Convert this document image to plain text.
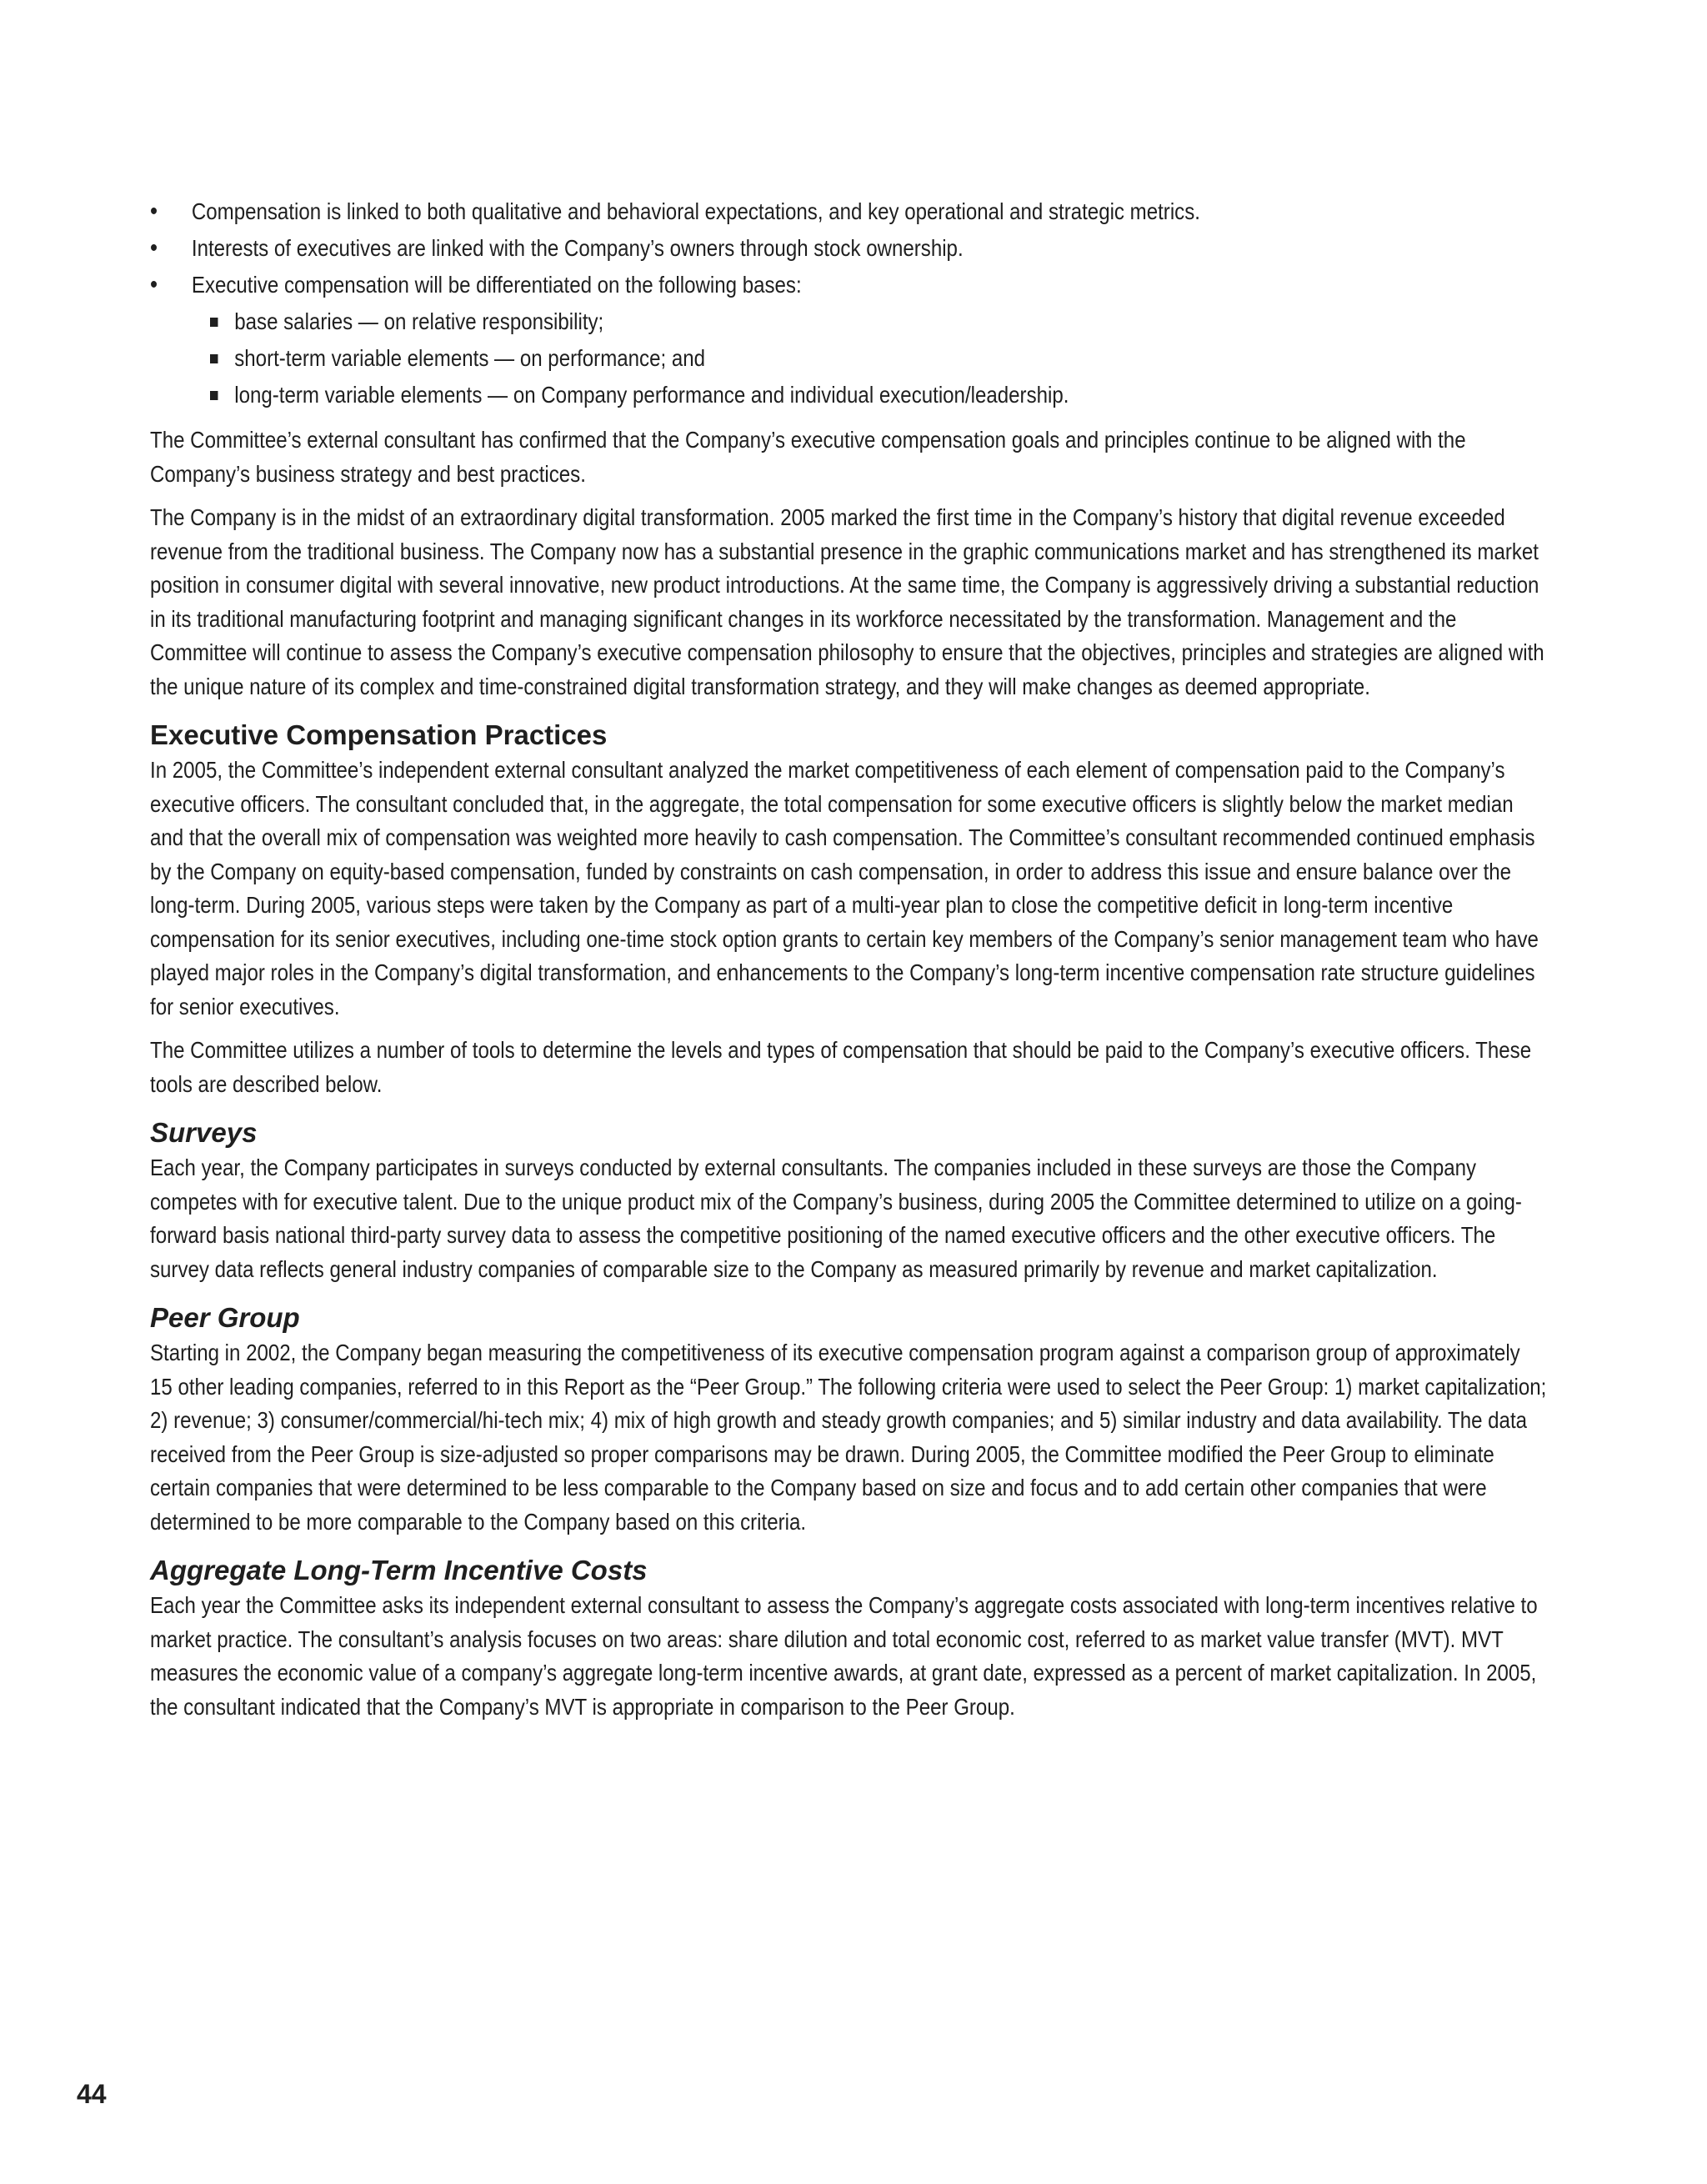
• Compensation is linked to both qualitative and behavioral expectations, and key operational and strategic metrics.
• Interests of executives are linked with the Company’s owners through stock ownership.
• Executive compensation will be differentiated on the following bases:
base salaries — on relative responsibility;
short-term variable elements — on performance; and
long-term variable elements — on Company performance and individual execution/leadership.

The Committee’s external consultant has confirmed that the Company’s executive compensation goals and principles continue to be aligned with the Company’s business strategy and best practices.

The Company is in the midst of an extraordinary digital transformation. 2005 marked the first time in the Company’s history that digital revenue exceeded revenue from the traditional business. The Company now has a substantial presence in the graphic communications market and has strengthened its market position in consumer digital with several innovative, new product introductions. At the same time, the Company is aggressively driving a substantial reduction in its traditional manufacturing footprint and managing significant changes in its workforce necessitated by the transformation. Management and the Committee will continue to assess the Company’s executive compensation philosophy to ensure that the objectives, principles and strategies are aligned with the unique nature of its complex and time-constrained digital transformation strategy, and they will make changes as deemed appropriate.

Executive Compensation Practices

In 2005, the Committee’s independent external consultant analyzed the market competitiveness of each element of compensation paid to the Company’s executive officers. The consultant concluded that, in the aggregate, the total compensation for some executive officers is slightly below the market median and that the overall mix of compensation was weighted more heavily to cash compensation. The Committee’s consultant recommended continued emphasis by the Company on equity-based compensation, funded by constraints on cash compensation, in order to address this issue and ensure balance over the long-term. During 2005, various steps were taken by the Company as part of a multi-year plan to close the competitive deficit in long-term incentive compensation for its senior executives, including one-time stock option grants to certain key members of the Company’s senior management team who have played major roles in the Company’s digital transformation, and enhancements to the Company’s long-term incentive compensation rate structure guidelines for senior executives.

The Committee utilizes a number of tools to determine the levels and types of compensation that should be paid to the Company’s executive officers. These tools are described below.

Surveys

Each year, the Company participates in surveys conducted by external consultants. The companies included in these surveys are those the Company competes with for executive talent. Due to the unique product mix of the Company’s business, during 2005 the Committee determined to utilize on a going-forward basis national third-party survey data to assess the competitive positioning of the named executive officers and the other executive officers. The survey data reflects general industry companies of comparable size to the Company as measured primarily by revenue and market capitalization.

Peer Group

Starting in 2002, the Company began measuring the competitiveness of its executive compensation program against a comparison group of approximately 15 other leading companies, referred to in this Report as the “Peer Group.” The following criteria were used to select the Peer Group: 1) market capitalization; 2) revenue; 3) consumer/commercial/hi-tech mix; 4) mix of high growth and steady growth companies; and 5) similar industry and data availability. The data received from the Peer Group is size-adjusted so proper comparisons may be drawn. During 2005, the Committee modified the Peer Group to eliminate certain companies that were determined to be less comparable to the Company based on size and focus and to add certain other companies that were determined to be more comparable to the Company based on this criteria.

Aggregate Long-Term Incentive Costs

Each year the Committee asks its independent external consultant to assess the Company’s aggregate costs associated with long-term incentives relative to market practice. The consultant’s analysis focuses on two areas: share dilution and total economic cost, referred to as market value transfer (MVT). MVT measures the economic value of a company’s aggregate long-term incentive awards, at grant date, expressed as a percent of market capitalization. In 2005, the consultant indicated that the Company’s MVT is appropriate in comparison to the Peer Group.

44
